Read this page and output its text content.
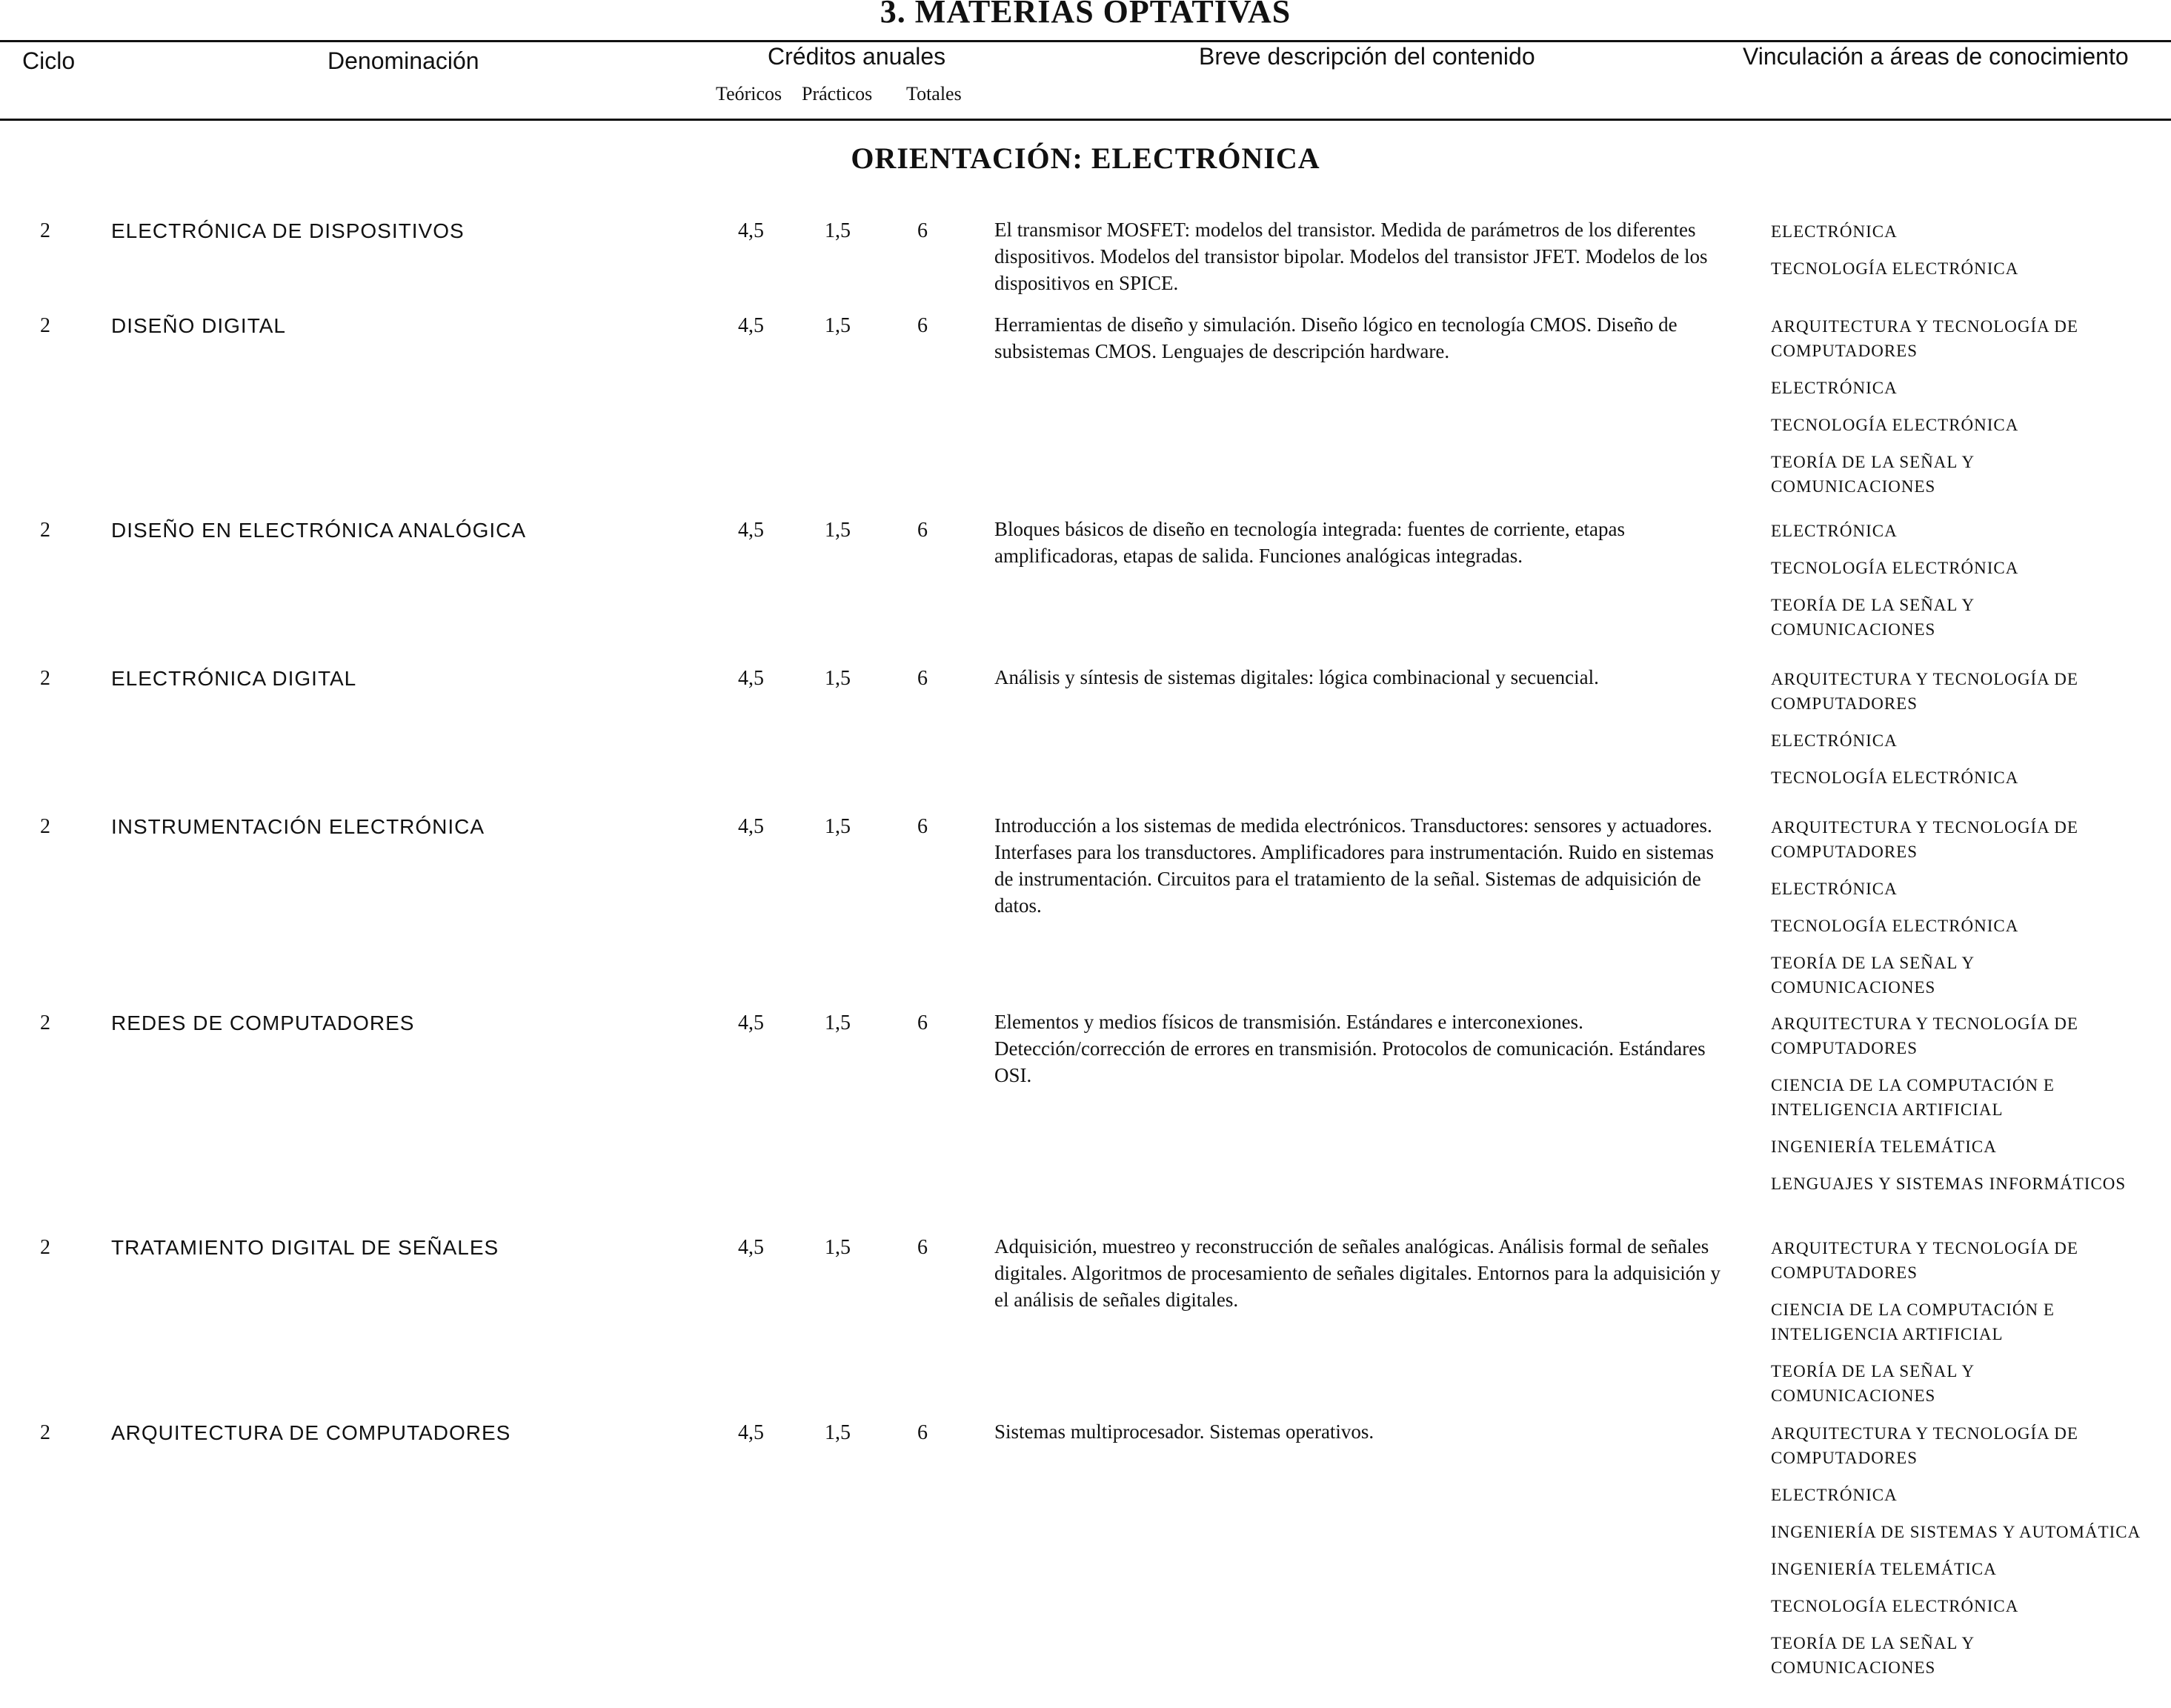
3. MATERIAS OPTATIVAS
Ciclo	Denominación	Créditos anuales
Teóricos Prácticos Totales
Breve descripción del contenido	Vinculación a áreas de conocimiento
ORIENTACIÓN: ELECTRÓNICA
2	ELECTRÓNICA DE DISPOSITIVOS	4,5	1,5	6	El transmisor MOSFET: modelos del transistor. Medida de parámetros de los diferentes dispositivos. Modelos del transistor bipolar. Modelos del transistor JFET. Modelos de los dispositivos en SPICE.
ELECTRÓNICA
TECNOLOGÍA ELECTRÓNICA
2	DISEÑO DIGITAL	4,5	1,5	6	Herramientas de diseño y simulación. Diseño lógico en tecnología CMOS. Diseño de subsistemas CMOS. Lenguajes de descripción hardware.
ARQUITECTURA Y TECNOLOGÍA DE COMPUTADORES
ELECTRÓNICA
TECNOLOGÍA ELECTRÓNICA
TEORÍA DE LA SEÑAL Y COMUNICACIONES
2	DISEÑO EN ELECTRÓNICA ANALÓGICA	4,5	1,5	6	Bloques básicos de diseño en tecnología integrada: fuentes de corriente, etapas amplificadoras, etapas de salida. Funciones analógicas integradas.
ELECTRÓNICA
TECNOLOGÍA ELECTRÓNICA
TEORÍA DE LA SEÑAL Y COMUNICACIONES
2	ELECTRÓNICA DIGITAL	4,5	1,5	6	Análisis y síntesis de sistemas digitales: lógica combinacional y secuencial.	ARQUITECTURA Y TECNOLOGÍA DE COMPUTADORES
ELECTRÓNICA
TECNOLOGÍA ELECTRÓNICA
2	INSTRUMENTACIÓN ELECTRÓNICA	4,5	1,5	6	Introducción a los sistemas de medida electrónicos. Transductores: sensores y actuadores. Interfases para los transductores. Amplificadores para instrumentación. Ruido en sistemas de instrumentación. Circuitos para el tratamiento de la señal. Sistemas de adquisición de datos.
ARQUITECTURA Y TECNOLOGÍA DE COMPUTADORES
ELECTRÓNICA
TECNOLOGÍA ELECTRÓNICA
TEORÍA DE LA SEÑAL Y COMUNICACIONES
2	REDES DE COMPUTADORES	4,5	1,5	6	Elementos y medios físicos de transmisión. Estándares e interconexiones. Detección/corrección de errores en transmisión. Protocolos de comunicación. Estándares OSI.
ARQUITECTURA Y TECNOLOGÍA DE COMPUTADORES
CIENCIA DE LA COMPUTACIÓN E INTELIGENCIA ARTIFICIAL
INGENIERÍA TELEMÁTICA
LENGUAJES Y SISTEMAS INFORMÁTICOS
2	TRATAMIENTO DIGITAL DE SEÑALES	4,5	1,5	6	Adquisición, muestreo y reconstrucción de señales analógicas. Análisis formal de señales digitales. Algoritmos de procesamiento de señales digitales. Entornos para la adquisición y el análisis de señales digitales.
ARQUITECTURA Y TECNOLOGÍA DE COMPUTADORES
CIENCIA DE LA COMPUTACIÓN E INTELIGENCIA ARTIFICIAL
TEORÍA DE LA SEÑAL Y COMUNICACIONES
2	ARQUITECTURA DE COMPUTADORES	4,5	1,5	6	Sistemas multiprocesador. Sistemas operativos.	ARQUITECTURA Y TECNOLOGÍA DE COMPUTADORES
ELECTRÓNICA
INGENIERÍA DE SISTEMAS Y AUTOMÁTICA
INGENIERÍA TELEMÁTICA
TECNOLOGÍA ELECTRÓNICA
TEORÍA DE LA SEÑAL Y COMUNICACIONES
